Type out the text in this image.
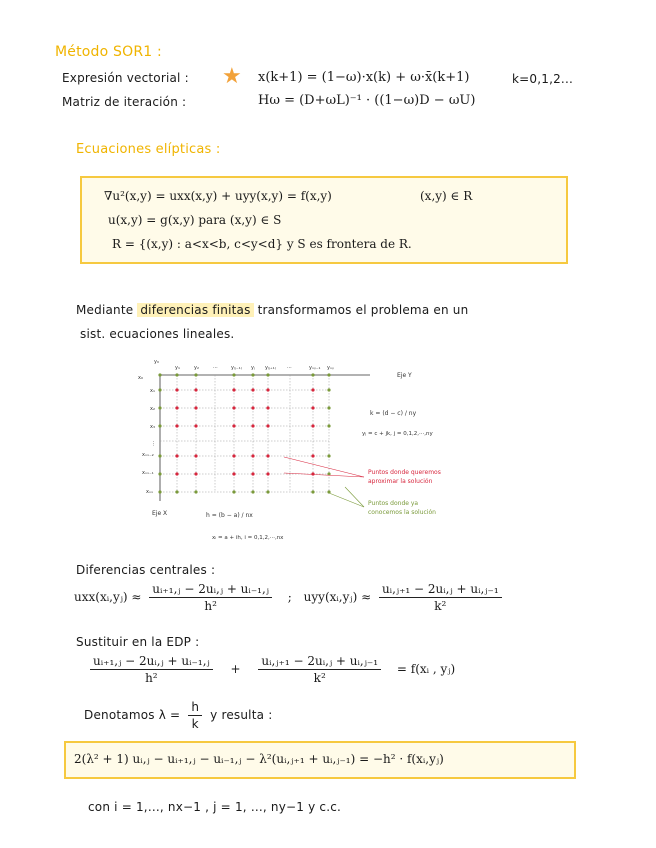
Método SOR1 :
Expresión vectorial : ★ x(k+1) = (1−ω)·x(k) + ω·x̄(k+1)	k=0,1,2...
Matriz de iteración :	Hω = (D+ωL)⁻¹ · ((1−ω)D − ωU)
Ecuaciones elípticas :
∇u²(x,y) = uxx(x,y) + uyy(x,y) = f(x,y)	(x,y) ∈ R
u(x,y) = g(x,y) para (x,y) ∈ S
R = {(x,y) : a<x<b, c<y<d} y S es frontera de R.
Mediante diferencias finitas transformamos el problema en un
sist. ecuaciones lineales.
y₀
y₁	y₂	···	y₍ⱼ₋₁₎ yⱼ y₍ⱼ₊₁₎ ···	yₙᵧ₋₁ yₙᵧ
x₀
x₁
x₂
x₃
⋮
xₙₓ₋₂
xₙₓ₋₁
xₙₓ
Eje Y
Eje X
k = (d − c) / ny
yⱼ = c + jk, j = 0,1,2,···,ny
h = (b − a) / nx
xᵢ = a + ih, i = 0,1,2,···,nx
Puntos donde queremos
aproximar la solución
Puntos donde ya
conocemos la solución
Diferencias centrales :
uxx(xᵢ,yⱼ) ≈ $\frac{\text{uᵢ₊₁,ⱼ − 2uᵢ,ⱼ + uᵢ₋₁,ⱼ}}{\text{h²}}$ ; uyy(xᵢ,yⱼ) ≈ $\frac{\text{uᵢ,ⱼ₊₁ − 2uᵢ,ⱼ + uᵢ,ⱼ₋₁}}{\text{k²}}$
Sustituir en la EDP :
$\frac{\text{uᵢ₊₁,ⱼ − 2uᵢ,ⱼ + uᵢ₋₁,ⱼ}}{\text{h²}} + \frac{\text{uᵢ,ⱼ₊₁ − 2uᵢ,ⱼ + uᵢ,ⱼ₋₁}}{\text{k²}}$ = f(xᵢ , yⱼ)
Denotamos $\lambda = \frac{h}{k}$ y resulta :
2(λ² + 1) uᵢ,ⱼ − uᵢ₊₁,ⱼ − uᵢ₋₁,ⱼ − λ²(uᵢ,ⱼ₊₁ + uᵢ,ⱼ₋₁) = −h² · f(xᵢ,yⱼ)
con i = 1,..., nx−1 , j = 1, ..., ny−1 y c.c.
